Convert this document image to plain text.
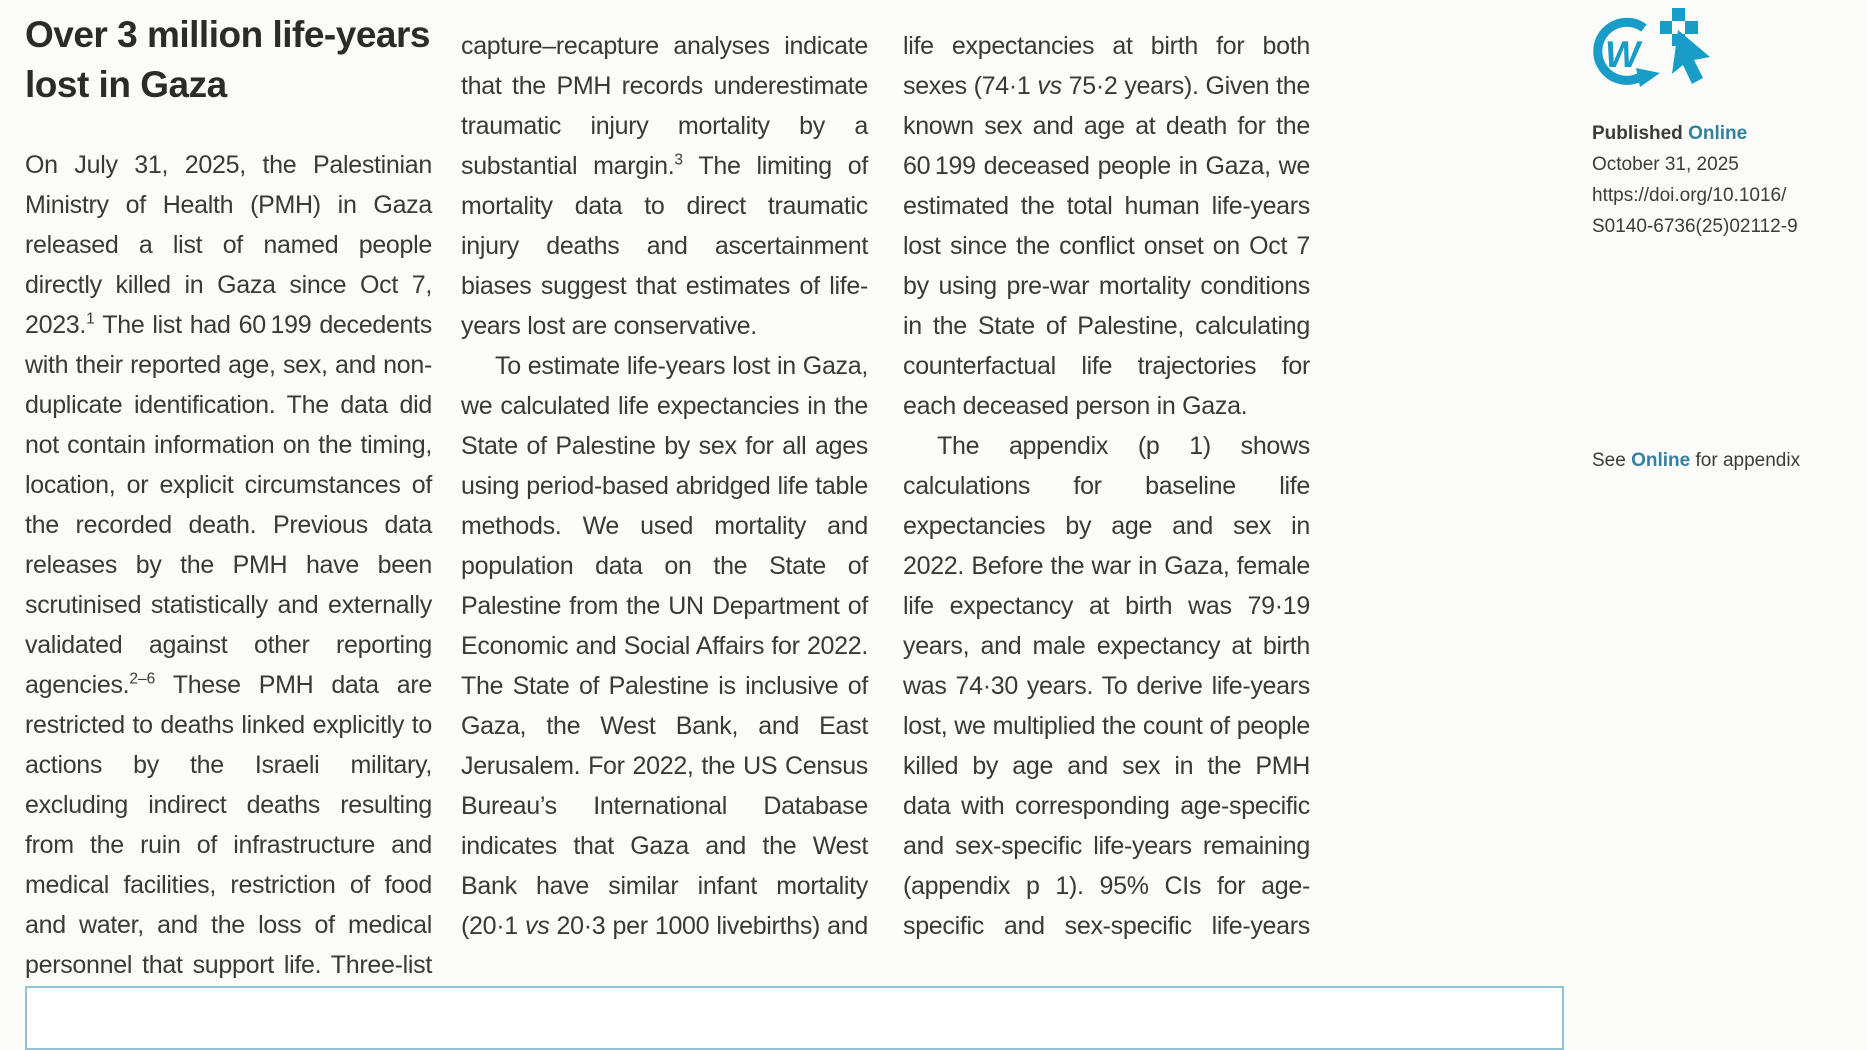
Over 3 million life-years lost in Gaza

On July 31, 2025, the Palestinian Ministry of Health (PMH) in Gaza released a list of named people directly killed in Gaza since Oct 7, 2023.$^1$ The list had 60 199 decedents with their reported age, sex, and non-duplicate identification. The data did not contain information on the timing, location, or explicit circumstances of the recorded death. Previous data releases by the PMH have been scrutinised statistically and externally validated against other reporting agencies.$^{2-6}$ These PMH data are restricted to deaths linked explicitly to actions by the Israeli military, excluding indirect deaths resulting from the ruin of infrastructure and medical facilities, restriction of food and water, and the loss of medical personnel that support life. Three-list

capture–recapture analyses indicate that the PMH records underestimate traumatic injury mortality by a substantial margin.$^3$ The limiting of mortality data to direct traumatic injury deaths and ascertainment biases suggest that estimates of life-years lost are conservative.

To estimate life-years lost in Gaza, we calculated life expectancies in the State of Palestine by sex for all ages using period-based abridged life table methods. We used mortality and population data on the State of Palestine from the UN Department of Economic and Social Affairs for 2022. The State of Palestine is inclusive of Gaza, the West Bank, and East Jerusalem. For 2022, the US Census Bureau’s International Database indicates that Gaza and the West Bank have similar infant mortality (20·1 vs 20·3 per 1000 livebirths) and

life expectancies at birth for both sexes (74·1 vs 75·2 years). Given the known sex and age at death for the 60 199 deceased people in Gaza, we estimated the total human life-years lost since the conflict onset on Oct 7 by using pre-war mortality conditions in the State of Palestine, calculating counterfactual life trajectories for each deceased person in Gaza.

The appendix (p 1) shows calculations for baseline life expectancies by age and sex in 2022. Before the war in Gaza, female life expectancy at birth was 79·19 years, and male expectancy at birth was 74·30 years. To derive life-years lost, we multiplied the count of people killed by age and sex in the PMH data with corresponding age-specific and sex-specific life-years remaining (appendix p 1). 95% CIs for age-specific and sex-specific life-years

W
Published Online
October 31, 2025
https://doi.org/10.1016/
S0140-6736(25)02112-9
See Online for appendix
